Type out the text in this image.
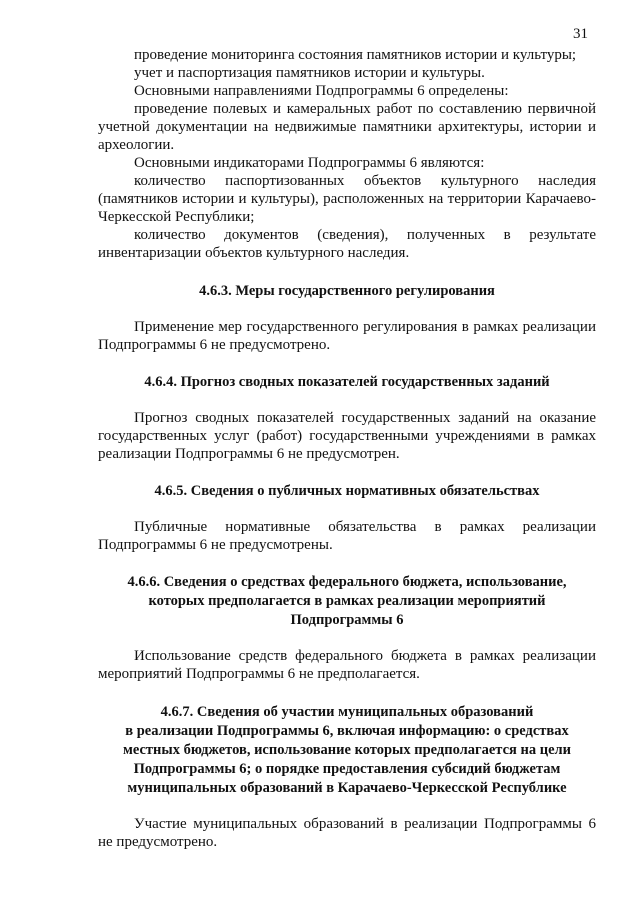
31

проведение мониторинга состояния памятников истории и культуры;

учет и паспортизация памятников истории и культуры.

Основными направлениями Подпрограммы 6 определены:

проведение полевых и камеральных работ по составлению первичной учетной документации на недвижимые памятники архитектуры, истории и археологии.

Основными индикаторами Подпрограммы 6 являются:

количество паспортизованных объектов культурного наследия (памятников истории и культуры), расположенных на территории Карачаево-Черкесской Республики;

количество документов (сведения), полученных в результате инвентаризации объектов культурного наследия.

4.6.3. Меры государственного регулирования

Применение мер государственного регулирования в рамках реализации Подпрограммы 6 не предусмотрено.

4.6.4. Прогноз сводных показателей государственных заданий

Прогноз сводных показателей государственных заданий на оказание государственных услуг (работ) государственными учреждениями в рамках реализации Подпрограммы 6 не предусмотрен.

4.6.5. Сведения о публичных нормативных обязательствах

Публичные нормативные обязательства в рамках реализации Подпрограммы 6 не предусмотрены.

4.6.6. Сведения о средствах федерального бюджета, использование,
которых предполагается в рамках реализации мероприятий
Подпрограммы 6

Использование средств федерального бюджета в рамках реализации мероприятий Подпрограммы 6 не предполагается.

4.6.7. Сведения об участии муниципальных образований
в реализации Подпрограммы 6, включая информацию: о средствах
местных бюджетов, использование которых предполагается на цели
Подпрограммы 6; о порядке предоставления субсидий бюджетам
муниципальных образований в Карачаево-Черкесской Республике

Участие муниципальных образований в реализации Подпрограммы 6 не предусмотрено.
